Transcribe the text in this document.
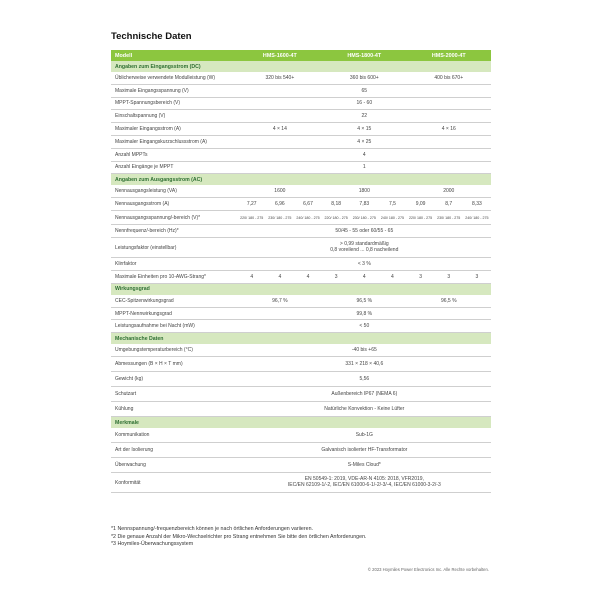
Technische Daten
Modell	HMS-1600-4T			HMS-1800-4T			HMS-2000-4T		
Angaben zum Eingangsstrom (DC)									
Üblicherweise verwendete Modulleistung (W)	320 bis 540+			360 bis 600+			400 bis 670+		
Maximale Eingangsspannung (V)	65								
MPPT-Spannungsbereich (V)	16 - 60								
Einschaltspannung (V)	22								
Maximaler Eingangsstrom (A)	4 × 14			4 × 15			4 × 16		
Maximaler Eingangskurzschlussstrom (A)	4 × 25								
Anzahl MPPTs	4								
Anzahl Eingänge je MPPT	1								
Angaben zum Ausgangsstrom (AC)									
Nennausgangsleistung (VA)	1600			1800			2000		
Nennausgangsstrom (A)	7,27	6,96	6,67	8,18	7,83	7,5	9,09	8,7	8,33
Nennausgangsspannung/-bereich (V)*	220/ 180 - 275	230/ 180 - 275	240/ 180 - 275	220/ 180 - 275	230/ 180 - 275	240/ 180 - 275	220/ 180 - 275	230/ 180 - 275	240/ 180 - 275
Nennfrequenz/-bereich (Hz)*	50/45 - 55 oder 60/55 - 65								
Leistungsfaktor (einstellbar)	> 0,99 standardmäßig
0,8 voreilend ... 0,8 nacheilend								

Klirrfaktor	< 3 %								
Maximale Einheiten pro 10-AWG-Strang*	4	4	4	3	4	4	3	3	3
Wirkungsgrad									
CEC-Spitzenwirkungsgrad	96,7 %			96,5 %			96,5 %		
MPPT-Nennwirkungsgrad	99,8 %								
Leistungsaufnahme bei Nacht (mW)	< 50								
Mechanische Daten									
Umgebungstemperaturbereich (°C)	-40 bis +65								
Abmessungen (B × H × T mm)	331 × 218 × 40,6								
Gewicht (kg)	5,56								
Schutzart	Außenbereich IP67 (NEMA 6)								
Kühlung	Natürliche Konvektion - Keine Lüfter								
Merkmale									
Kommunikation	Sub-1G								
Art der Isolierung	Galvanisch isolierter HF-Transformator								
Überwachung	S-Miles Cloud*								
Konformität	EN 50549-1: 2019, VDE-AR-N 4105: 2018, VFR2019,
IEC/EN 62109-1/-2, IEC/EN 61000-6-1/-2/-3/-4, IEC/EN 61000-3-2/-3								
*1 Nennspannung/-frequenzbereich können je nach örtlichen Anforderungen variieren.
*2 Die genaue Anzahl der Mikro-Wechselrichter pro Strang entnehmen Sie bitte den örtlichen Anforderungen.
*3 Hoymiles-Überwachungssystem
© 2023 Hoymiles Power Electronics Inc. Alle Rechte vorbehalten.
